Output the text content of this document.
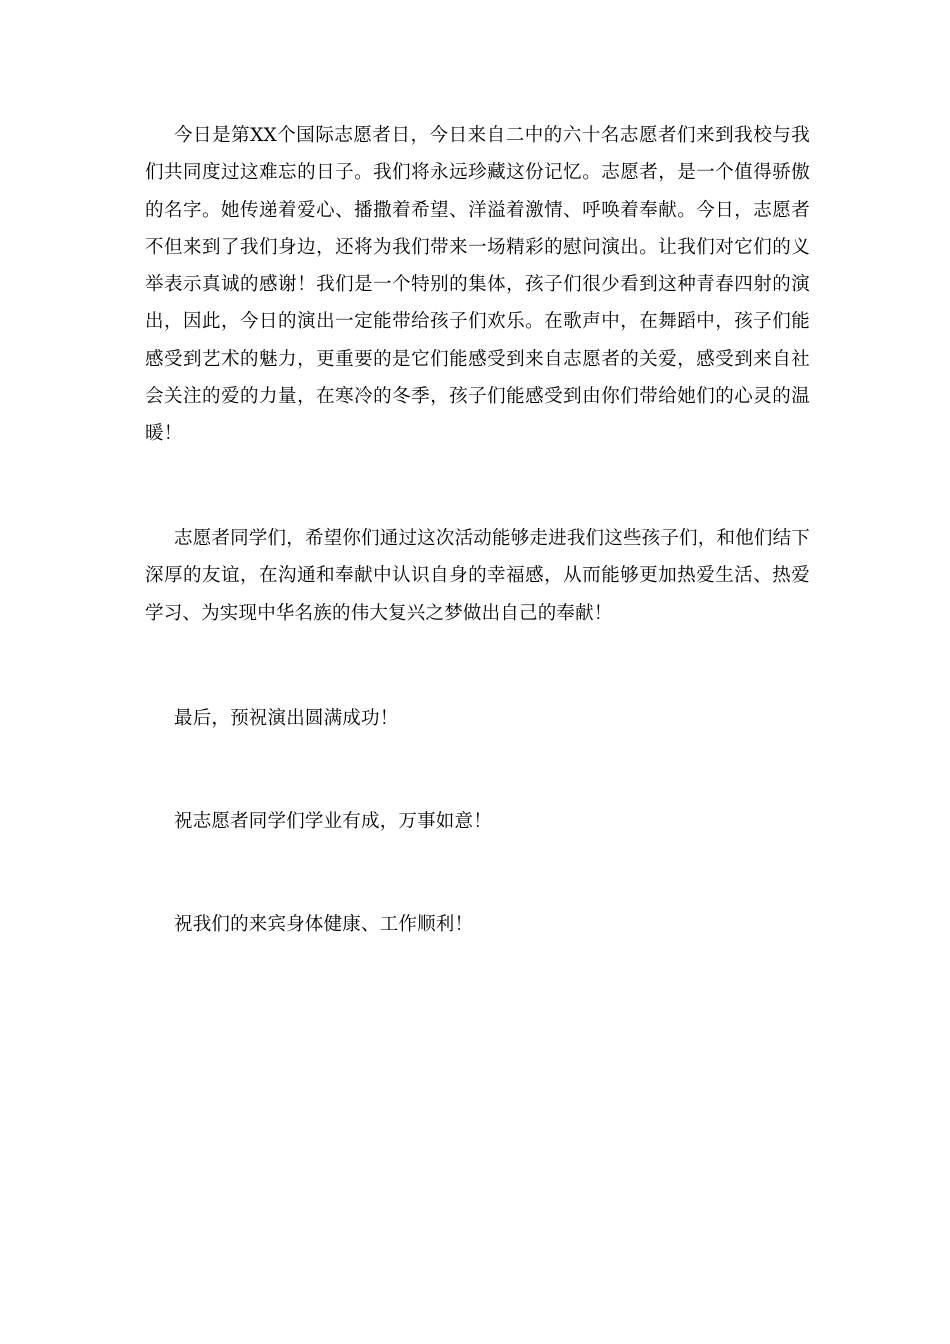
今日是第XX个国际志愿者日，今日来自二中的六十名志愿者们来到我校与我们共同度过这难忘的日子。我们将永远珍藏这份记忆。志愿者，是一个值得骄傲的名字。她传递着爱心、播撒着希望、洋溢着激情、呼唤着奉献。今日，志愿者不但来到了我们身边，还将为我们带来一场精彩的慰问演出。让我们对它们的义举表示真诚的感谢！我们是一个特别的集体，孩子们很少看到这种青春四射的演出，因此，今日的演出一定能带给孩子们欢乐。在歌声中，在舞蹈中，孩子们能感受到艺术的魅力，更重要的是它们能感受到来自志愿者的关爱，感受到来自社会关注的爱的力量，在寒冷的冬季，孩子们能感受到由你们带给她们的心灵的温暖！

志愿者同学们，希望你们通过这次活动能够走进我们这些孩子们，和他们结下深厚的友谊，在沟通和奉献中认识自身的幸福感，从而能够更加热爱生活、热爱学习、为实现中华名族的伟大复兴之梦做出自己的奉献！

最后，预祝演出圆满成功！

祝志愿者同学们学业有成，万事如意！

祝我们的来宾身体健康、工作顺利！
